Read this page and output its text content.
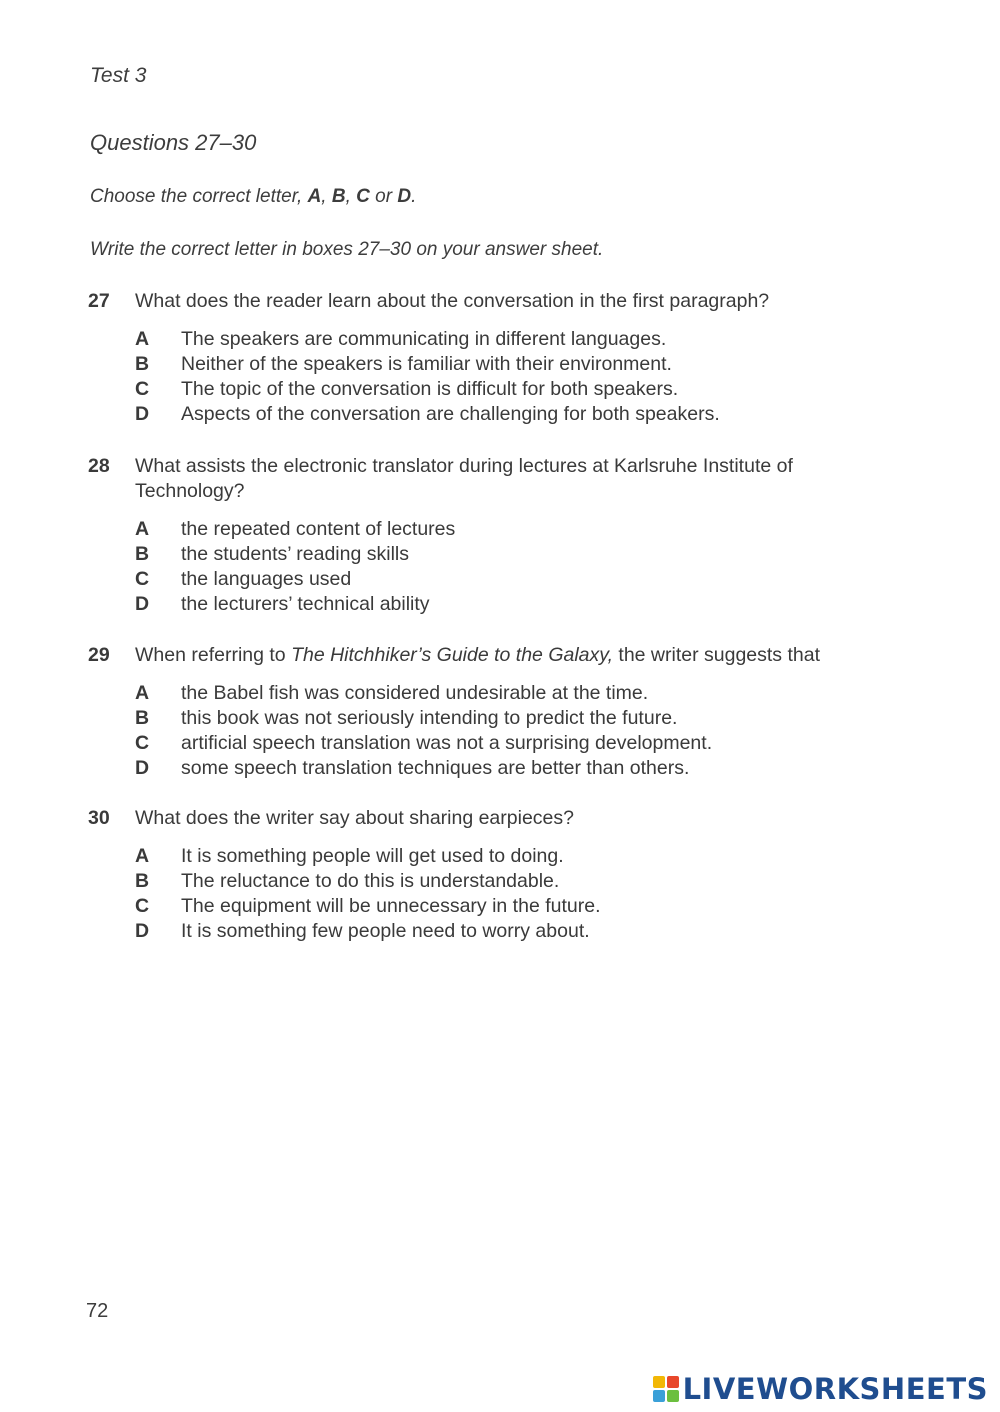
Test 3
Questions 27–30
Choose the correct letter, A, B, C or D.
Write the correct letter in boxes 27–30 on your answer sheet.
27 What does the reader learn about the conversation in the first paragraph?
A The speakers are communicating in different languages.
B Neither of the speakers is familiar with their environment.
C The topic of the conversation is difficult for both speakers.
D Aspects of the conversation are challenging for both speakers.
28 What assists the electronic translator during lectures at Karlsruhe Institute of Technology?
A the repeated content of lectures
B the students’ reading skills
C the languages used
D the lecturers’ technical ability
29 When referring to The Hitchhiker’s Guide to the Galaxy, the writer suggests that
A the Babel fish was considered undesirable at the time.
B this book was not seriously intending to predict the future.
C artificial speech translation was not a surprising development.
D some speech translation techniques are better than others.
30 What does the writer say about sharing earpieces?
A It is something people will get used to doing.
B The reluctance to do this is understandable.
C The equipment will be unnecessary in the future.
D It is something few people need to worry about.
72
LIVEWORKSHEETS
